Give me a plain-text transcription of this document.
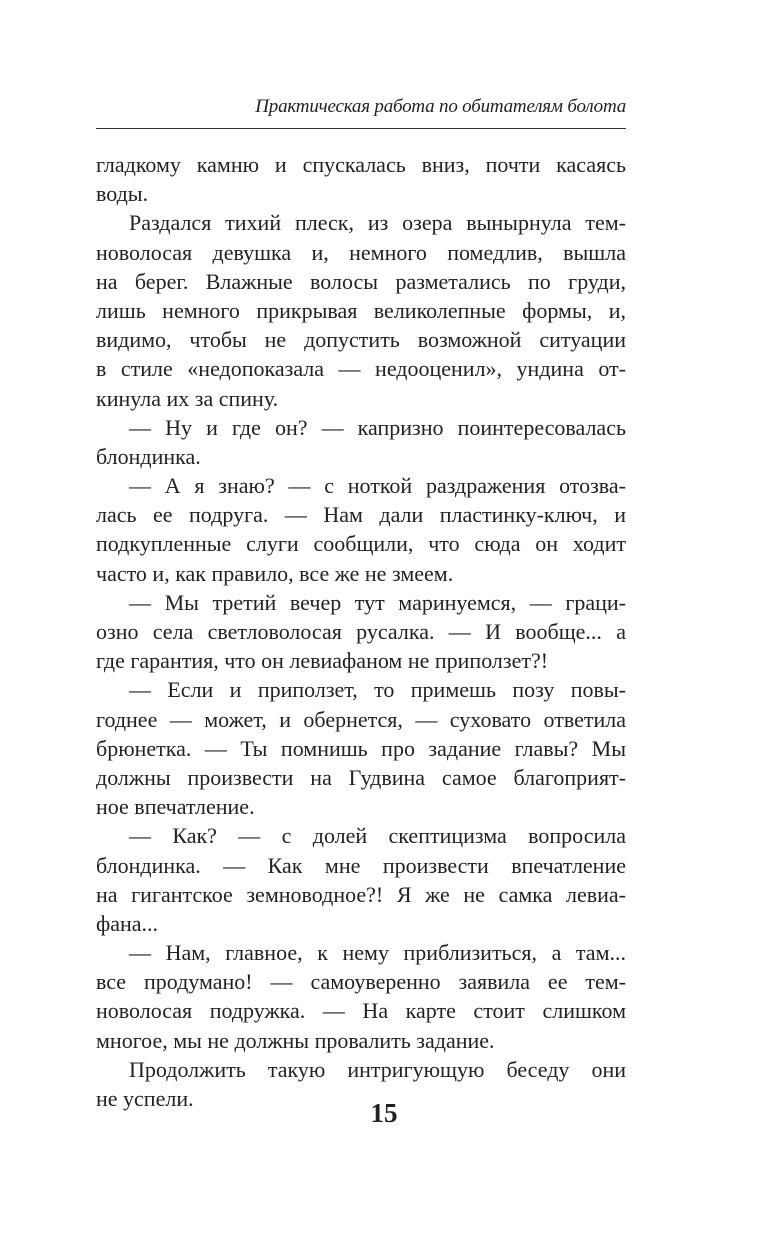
Практическая работа по обитателям болота
гладкому камню и спускалась вниз, почти касаясь
воды.
Раздался тихий плеск, из озера вынырнула тем-
новолосая девушка и, немного помедлив, вышла
на берег. Влажные волосы разметались по груди,
лишь немного прикрывая великолепные формы, и,
видимо, чтобы не допустить возможной ситуации
в стиле «недопоказала — недооценил», ундина от-
кинула их за спину.
— Ну и где он? — капризно поинтересовалась
блондинка.
— А я знаю? — с ноткой раздражения отозва-
лась ее подруга. — Нам дали пластинку-ключ, и
подкупленные слуги сообщили, что сюда он ходит
часто и, как правило, все же не змеем.
— Мы третий вечер тут маринуемся, — граци-
озно села светловолосая русалка. — И вообще... а
где гарантия, что он левиафаном не приползет?!
— Если и приползет, то примешь позу повы-
годнее — может, и обернется, — суховато ответила
брюнетка. — Ты помнишь про задание главы? Мы
должны произвести на Гудвина самое благоприят-
ное впечатление.
— Как? — с долей скептицизма вопросила
блондинка. — Как мне произвести впечатление
на гигантское земноводное?! Я же не самка левиа-
фана...
— Нам, главное, к нему приблизиться, а там...
все продумано! — самоуверенно заявила ее тем-
новолосая подружка. — На карте стоит слишком
многое, мы не должны провалить задание.
Продолжить такую интригующую беседу они
не успели.	15
